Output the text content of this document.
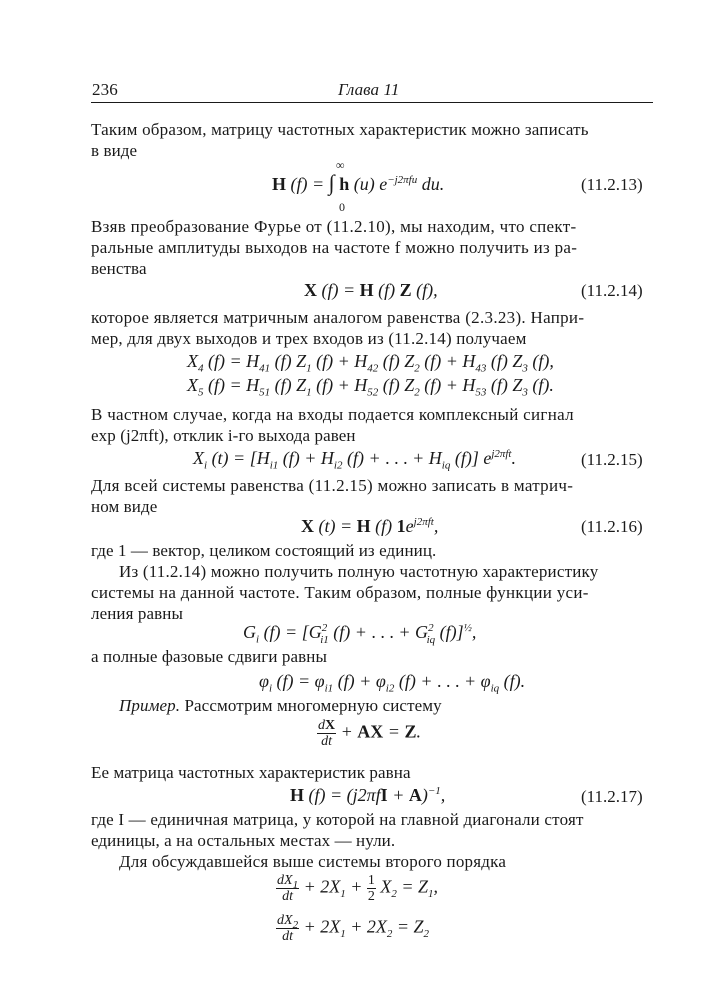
236	Глава 11
Таким образом, матрицу частотных характеристик можно записать
в виде
H (f) = ∫ h (u) $e^{-j2\pi fu}$ du.
∞
0
(11.2.13)
Взяв преобразование Фурье от (11.2.10), мы находим, что спект-
ральные амплитуды выходов на частоте f можно получить из ра-
венства
X (f) = H (f) Z (f),	(11.2.14)
которое является матричным аналогом равенства (2.3.23). Напри-
мер, для двух выходов и трех входов из (11.2.14) получаем
$X_4$ $(f) = H_{41}$ (f) $Z_1$ $(f) + H_{42}$ (f) $Z_2$ $(f) + H_{43}$ (f) $Z_3$ (f),
$X_5$ $(f) = H_{51}$ (f) $Z_1$ $(f) + H_{52}$ (f) $Z_2$ $(f) + H_{53}$ (f) $Z_3$ (f).
В частном случае, когда на входы подается комплексный сигнал
exp (j2πft), отклик i-го выхода равен
$X_i$ $(t) = [H_{i1}$ $(f) + H_{i2}$ (f) + . . . + $H_{iq}$ (f)] $e^{j2\pi ft}$.	(11.2.15)
Для всей системы равенства (11.2.15) можно записать в матрич-
ном виде
X (t) = H (f) $1e^{j2\pi ft}$,	(11.2.16)
где 1 — вектор, целиком состоящий из единиц.
Из (11.2.14) можно получить полную частотную характеристику
системы на данной частоте. Таким образом, полные функции уси-
ления равны
$G_i$ $(f) = [G^2_{i1}$ (f) + . . . + $G^2_{iq}$ (f)]$^{\frac{1}{2}}$,
а полные фазовые сдвиги равны
$\varphi_i$ $(f) = \varphi_{i1}$ $(f) + \varphi_{i2}$ (f) + . . . + $\varphi_{iq}$ (f).
Пример. Рассмотрим многомерную систему
$\frac{dX}{dt}$ + AX = Z.
Ее матрица частотных характеристик равна
H $(f) = (j2\pi fI + A)^{-1}$,	(11.2.17)
где I — единичная матрица, у которой на главной диагонали стоят
единицы, а на остальных местах — нули.
Для обсуждавшейся выше системы второго порядка
$\frac{dX_1}{dt} + 2X_1 + \frac{1}{2} X_2 = Z_1$,
$\frac{dX_2}{dt} + 2X_1 + 2X_2 = Z_2$
